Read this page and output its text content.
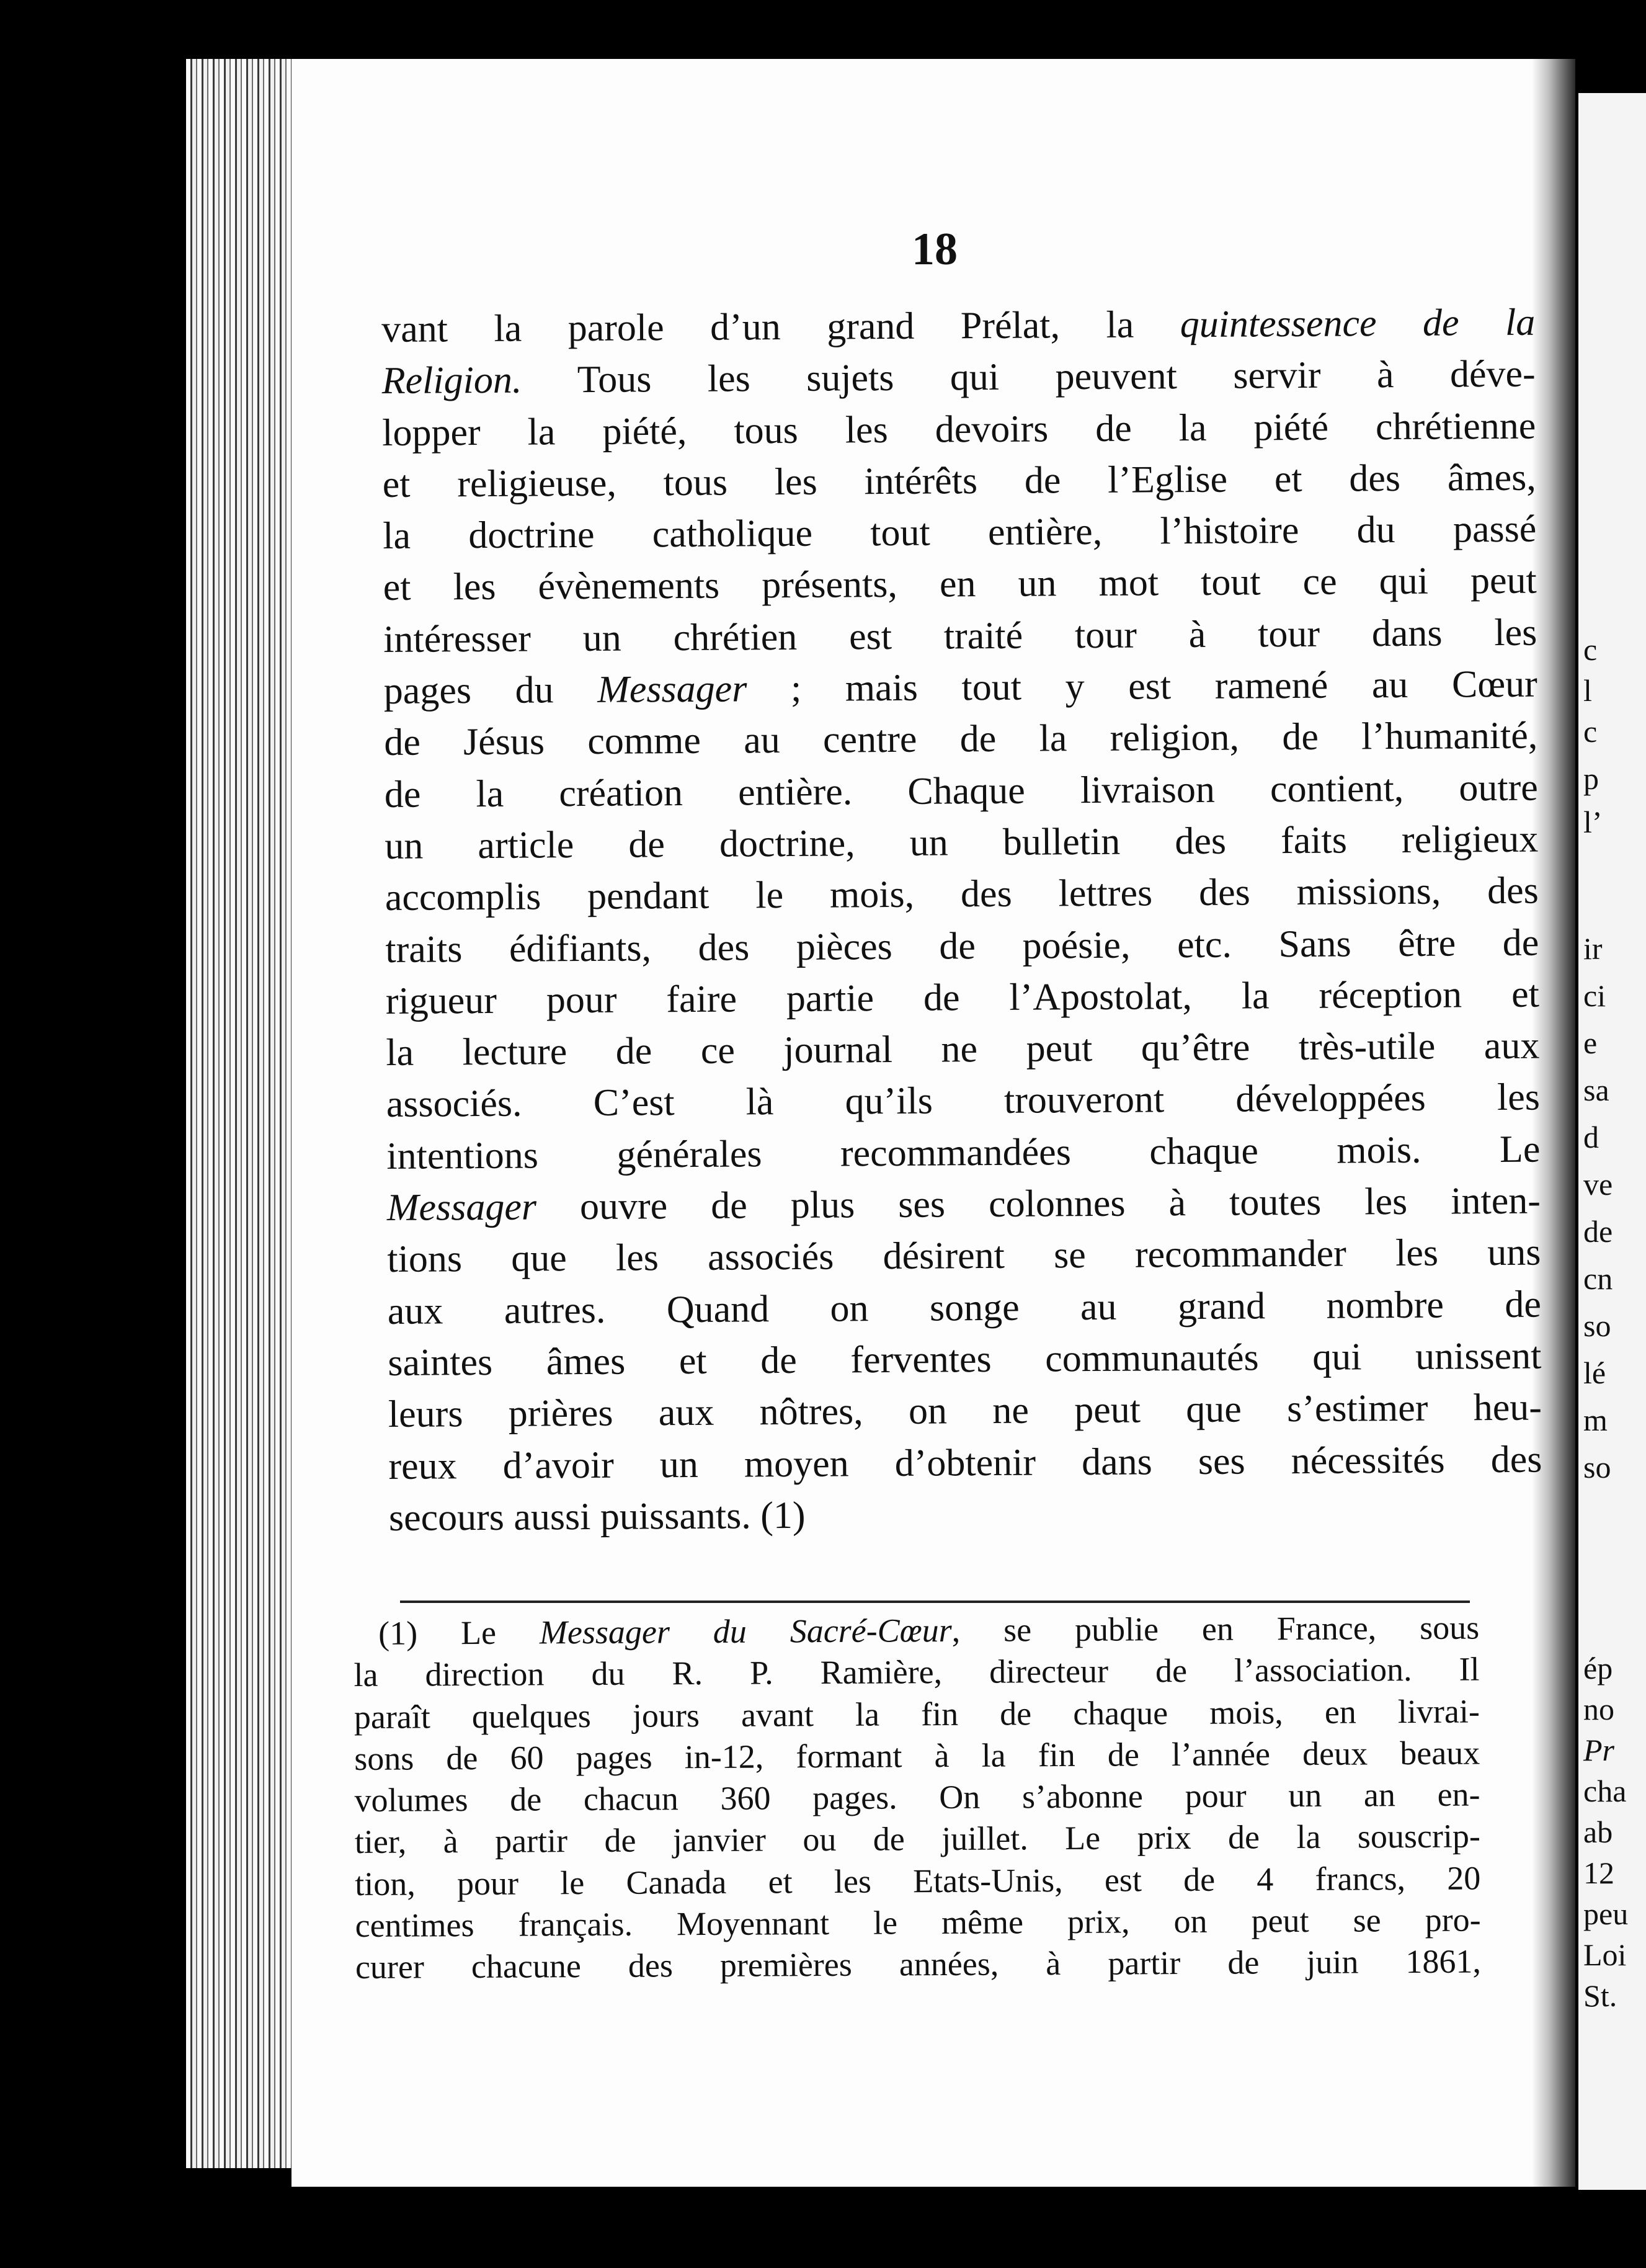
c
l
c
p
l’
ir
ci
e
sa
d
ve
de
cn
so
lé
m
so
ép
no
Pr
cha
ab
12
peu
Loi
St.
18
vant la parole d’un grand Prélat, la quintessence de la
Religion. Tous les sujets qui peuvent servir à déve-
lopper la piété, tous les devoirs de la piété chrétienne
et religieuse, tous les intérêts de l’Eglise et des âmes,
la doctrine catholique tout entière, l’histoire du passé
et les évènements présents, en un mot tout ce qui peut
intéresser un chrétien est traité tour à tour dans les
pages du Messager ; mais tout y est ramené au Cœur
de Jésus comme au centre de la religion, de l’humanité,
de la création entière. Chaque livraison contient, outre
un article de doctrine, un bulletin des faits religieux
accomplis pendant le mois, des lettres des missions, des
traits édifiants, des pièces de poésie, etc. Sans être de
rigueur pour faire partie de l’Apostolat, la réception et
la lecture de ce journal ne peut qu’être très-utile aux
associés. C’est là qu’ils trouveront développées les
intentions générales recommandées chaque mois. Le
Messager ouvre de plus ses colonnes à toutes les inten-
tions que les associés désirent se recommander les uns
aux autres. Quand on songe au grand nombre de
saintes âmes et de ferventes communautés qui unissent
leurs prières aux nôtres, on ne peut que s’estimer heu-
reux d’avoir un moyen d’obtenir dans ses nécessités des
secours aussi puissants. (1)
(1) Le Messager du Sacré-Cœur, se publie en France, sous
la direction du R. P. Ramière, directeur de l’association. Il
paraît quelques jours avant la fin de chaque mois, en livrai-
sons de 60 pages in-12, formant à la fin de l’année deux beaux
volumes de chacun 360 pages. On s’abonne pour un an en-
tier, à partir de janvier ou de juillet. Le prix de la souscrip-
tion, pour le Canada et les Etats-Unis, est de 4 francs, 20
centimes français. Moyennant le même prix, on peut se pro-
curer chacune des premières années, à partir de juin 1861,
